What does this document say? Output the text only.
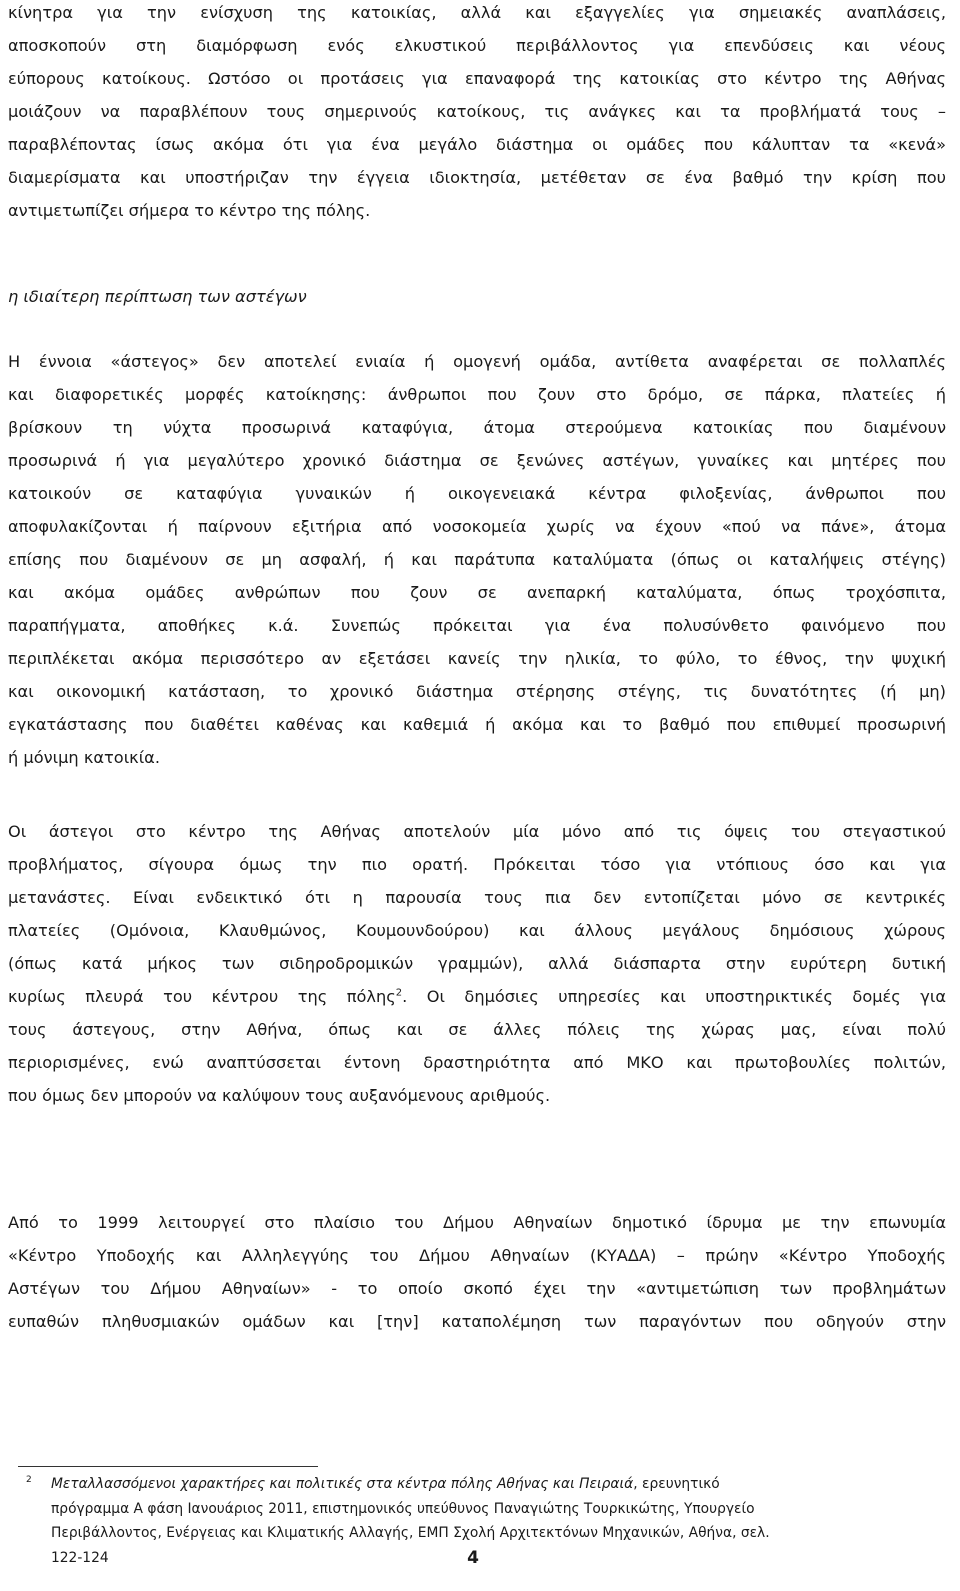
κίνητρα για την ενίσχυση της κατοικίας, αλλά και εξαγγελίες για σημειακές αναπλάσεις,
αποσκοπούν στη διαμόρφωση ενός ελκυστικού περιβάλλοντος για επενδύσεις και νέους
εύπορους κατοίκους. Ωστόσο οι προτάσεις για επαναφορά της κατοικίας στο κέντρο της Αθήνας
μοιάζουν να παραβλέπουν τους σημερινούς κατοίκους, τις ανάγκες και τα προβλήματά τους –
παραβλέποντας ίσως ακόμα ότι για ένα μεγάλο διάστημα οι ομάδες που κάλυπταν τα «κενά»
διαμερίσματα και υποστήριζαν την έγγεια ιδιοκτησία, μετέθεταν σε ένα βαθμό την κρίση που
αντιμετωπίζει σήμερα το κέντρο της πόλης.

η ιδιαίτερη περίπτωση των αστέγων

Η έννοια «άστεγος» δεν αποτελεί ενιαία ή ομογενή ομάδα, αντίθετα αναφέρεται σε πολλαπλές
και διαφορετικές μορφές κατοίκησης: άνθρωποι που ζουν στο δρόμο, σε πάρκα, πλατείες ή
βρίσκουν τη νύχτα προσωρινά καταφύγια, άτομα στερούμενα κατοικίας που διαμένουν
προσωρινά ή για μεγαλύτερο χρονικό διάστημα σε ξενώνες αστέγων, γυναίκες και μητέρες που
κατοικούν σε καταφύγια γυναικών ή οικογενειακά κέντρα φιλοξενίας, άνθρωποι που
αποφυλακίζονται ή παίρνουν εξιτήρια από νοσοκομεία χωρίς να έχουν «πού να πάνε», άτομα
επίσης που διαμένουν σε μη ασφαλή, ή και παράτυπα καταλύματα (όπως οι καταλήψεις στέγης)
και ακόμα ομάδες ανθρώπων που ζουν σε ανεπαρκή καταλύματα, όπως τροχόσπιτα,
παραπήγματα, αποθήκες κ.ά. Συνεπώς πρόκειται για ένα πολυσύνθετο φαινόμενο που
περιπλέκεται ακόμα περισσότερο αν εξετάσει κανείς την ηλικία, το φύλο, το έθνος, την ψυχική
και οικονομική κατάσταση, το χρονικό διάστημα στέρησης στέγης, τις δυνατότητες (ή μη)
εγκατάστασης που διαθέτει καθένας και καθεμιά ή ακόμα και το βαθμό που επιθυμεί προσωρινή
ή μόνιμη κατοικία.
Οι άστεγοι στο κέντρο της Αθήνας αποτελούν μία μόνο από τις όψεις του στεγαστικού
προβλήματος, σίγουρα όμως την πιο ορατή. Πρόκειται τόσο για ντόπιους όσο και για
μετανάστες. Είναι ενδεικτικό ότι η παρουσία τους πια δεν εντοπίζεται μόνο σε κεντρικές
πλατείες (Ομόνοια, Κλαυθμώνος, Κουμουνδούρου) και άλλους μεγάλους δημόσιους χώρους
(όπως κατά μήκος των σιδηροδρομικών γραμμών), αλλά διάσπαρτα στην ευρύτερη δυτική
κυρίως πλευρά του κέντρου της πόλης$^2$. Οι δημόσιες υπηρεσίες και υποστηρικτικές δομές για
τους άστεγους, στην Αθήνα, όπως και σε άλλες πόλεις της χώρας μας, είναι πολύ
περιορισμένες, ενώ αναπτύσσεται έντονη δραστηριότητα από ΜΚΟ και πρωτοβουλίες πολιτών,
που όμως δεν μπορούν να καλύψουν τους αυξανόμενους αριθμούς.
Από το 1999 λειτουργεί στο πλαίσιο του Δήμου Αθηναίων δημοτικό ίδρυμα με την επωνυμία
«Κέντρο Υποδοχής και Αλληλεγγύης του Δήμου Αθηναίων (ΚΥΑΔΑ) – πρώην «Κέντρο Υποδοχής
Αστέγων του Δήμου Αθηναίων» - το οποίο σκοπό έχει την «αντιμετώπιση των προβλημάτων
ευπαθών πληθυσμιακών ομάδων και [την] καταπολέμηση των παραγόντων που οδηγούν στην
2 Μεταλλασσόμενοι χαρακτήρες και πολιτικές στα κέντρα πόλης Αθήνας και Πειραιά, ερευνητικό
πρόγραμμα Α φάση Ιανουάριος 2011, επιστημονικός υπεύθυνος Παναγιώτης Τουρκικώτης, Υπουργείο
Περιβάλλοντος, Ενέργειας και Κλιματικής Αλλαγής, ΕΜΠ Σχολή Αρχιτεκτόνων Μηχανικών, Αθήνα, σελ.
122-124	4
